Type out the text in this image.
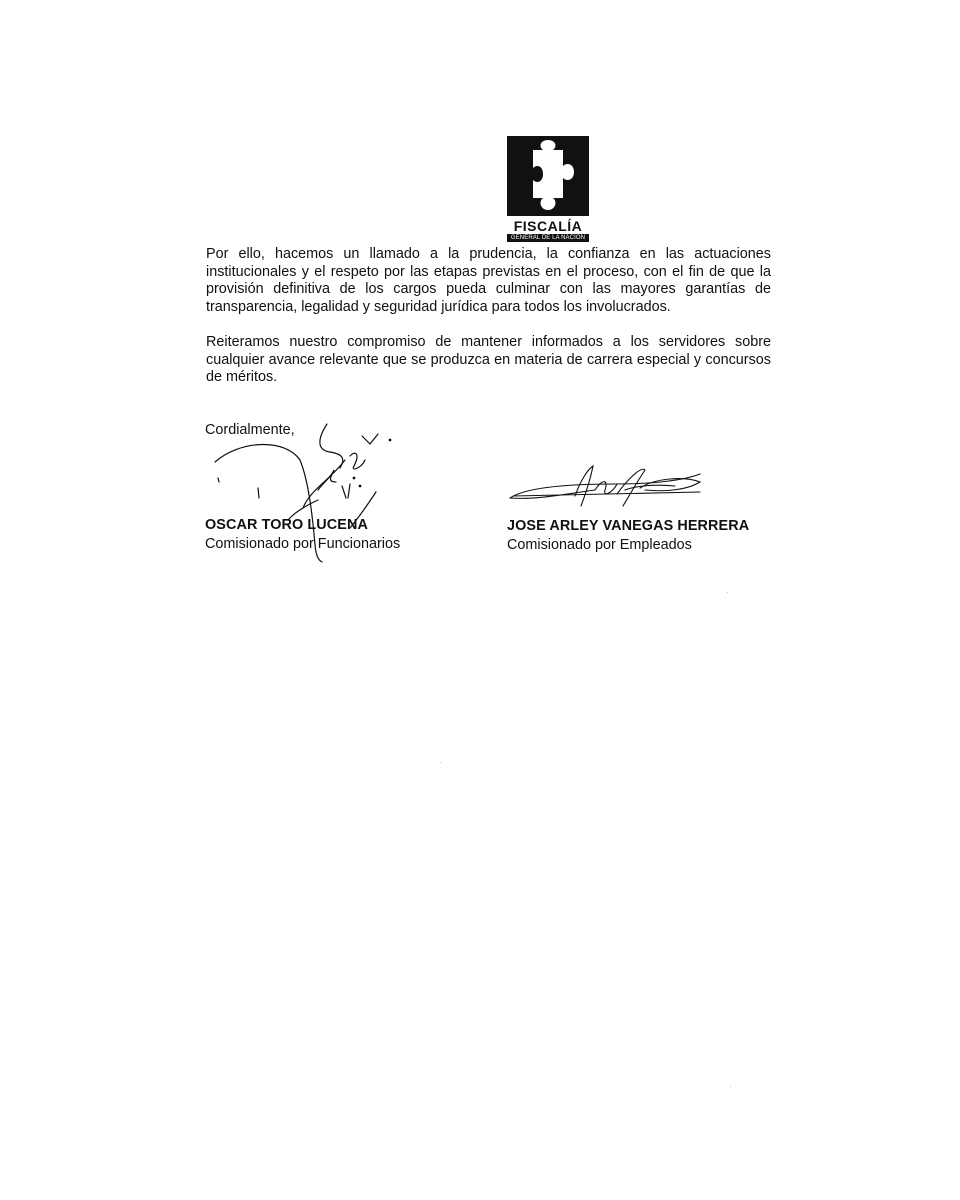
FISCALÍA
GENERAL DE LA NACIÓN

Por ello, hacemos un llamado a la prudencia, la confianza en las actuaciones institucionales y el respeto por las etapas previstas en el proceso, con el fin de que la provisión definitiva de los cargos pueda culminar con las mayores garantías de transparencia, legalidad y seguridad jurídica para todos los involucrados.

Reiteramos nuestro compromiso de mantener informados a los servidores sobre cualquier avance relevante que se produzca en materia de carrera especial y concursos de méritos.

Cordialmente,
OSCAR TORO LUCENA
Comisionado por Funcionarios
JOSE ARLEY VANEGAS HERRERA
Comisionado por Empleados
